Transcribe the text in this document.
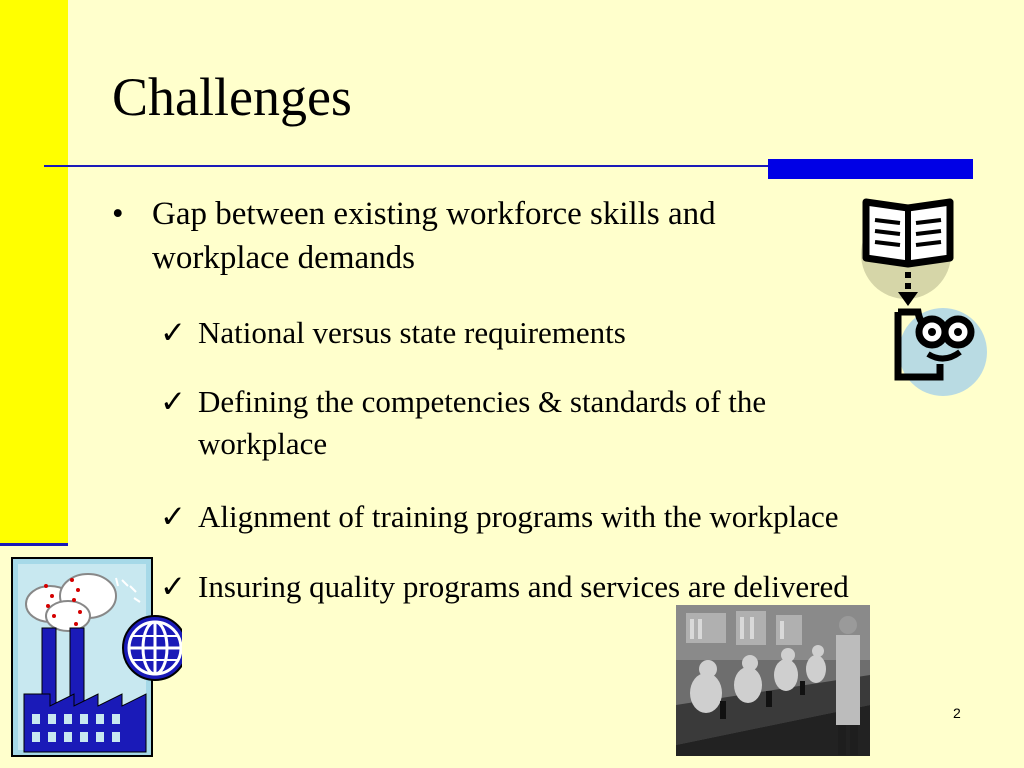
Challenges
• Gap between existing workforce skills and workplace demands
✓ National versus state requirements
✓ Defining the competencies & standards of the workplace
✓ Alignment of training programs with the workplace
✓ Insuring quality programs and services are delivered
2
